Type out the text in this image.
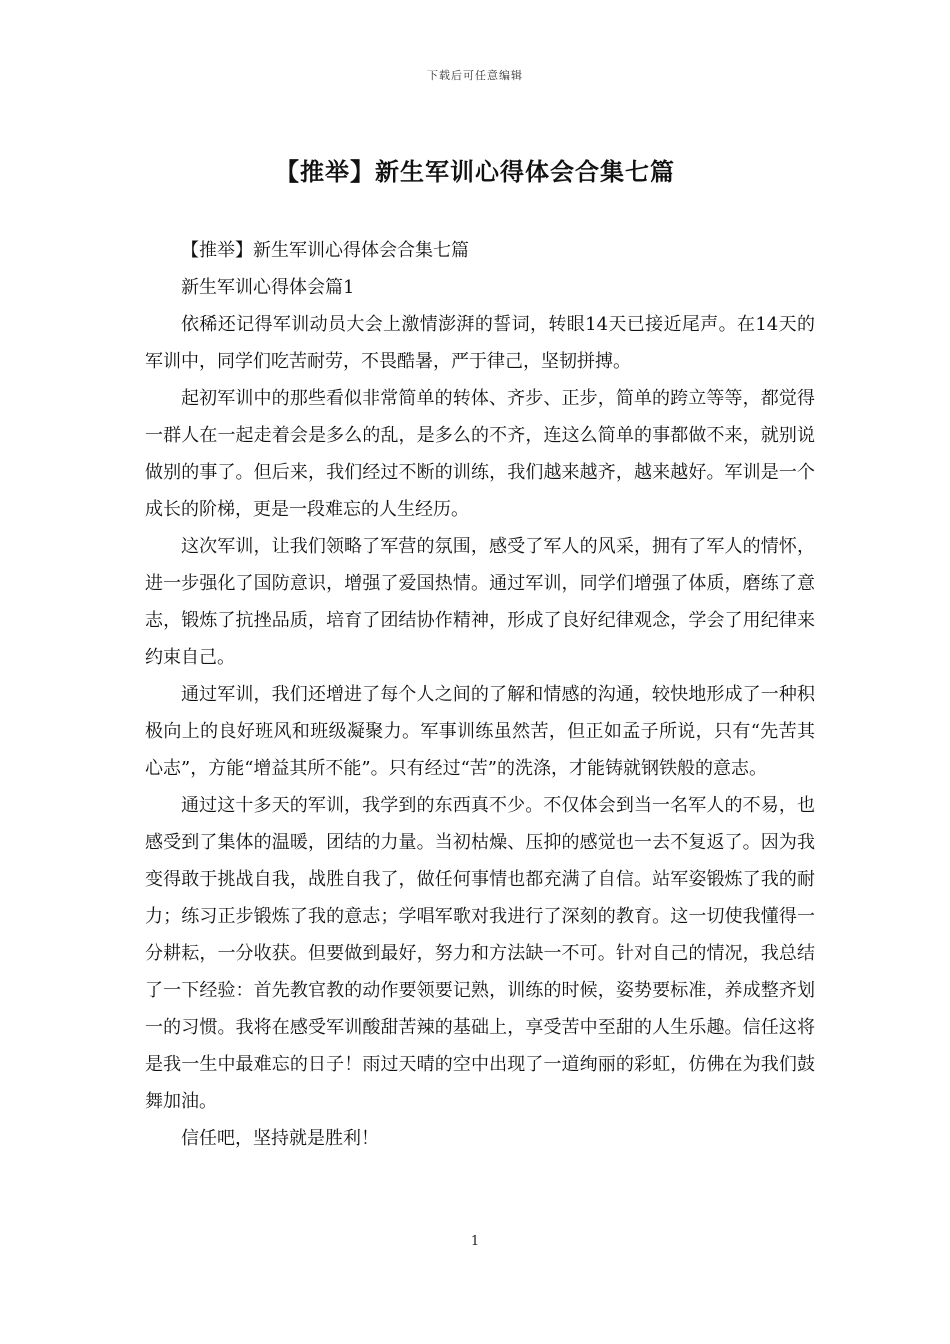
下载后可任意编辑
【推举】新生军训心得体会合集七篇

【推举】新生军训心得体会合集七篇

新生军训心得体会篇1

依稀还记得军训动员大会上激情澎湃的誓词，转眼14天已接近尾声。在14天的军训中，同学们吃苦耐劳，不畏酷暑，严于律己，坚韧拼搏。

起初军训中的那些看似非常简单的转体、齐步、正步，简单的跨立等等，都觉得一群人在一起走着会是多么的乱，是多么的不齐，连这么简单的事都做不来，就别说做别的事了。但后来，我们经过不断的训练，我们越来越齐，越来越好。军训是一个成长的阶梯，更是一段难忘的人生经历。

这次军训，让我们领略了军营的氛围，感受了军人的风采，拥有了军人的情怀，进一步强化了国防意识，增强了爱国热情。通过军训，同学们增强了体质，磨练了意志，锻炼了抗挫品质，培育了团结协作精神，形成了良好纪律观念，学会了用纪律来约束自己。

通过军训，我们还增进了每个人之间的了解和情感的沟通，较快地形成了一种积极向上的良好班风和班级凝聚力。军事训练虽然苦，但正如孟子所说，只有“先苦其心志”，方能“增益其所不能”。只有经过“苦”的洗涤，才能铸就钢铁般的意志。

通过这十多天的军训，我学到的东西真不少。不仅体会到当一名军人的不易，也感受到了集体的温暖，团结的力量。当初枯燥、压抑的感觉也一去不复返了。因为我变得敢于挑战自我，战胜自我了，做任何事情也都充满了自信。站军姿锻炼了我的耐力；练习正步锻炼了我的意志；学唱军歌对我进行了深刻的教育。这一切使我懂得一分耕耘，一分收获。但要做到最好，努力和方法缺一不可。针对自己的情况，我总结了一下经验：首先教官教的动作要领要记熟，训练的时候，姿势要标准，养成整齐划一的习惯。我将在感受军训酸甜苦辣的基础上，享受苦中至甜的人生乐趣。信任这将是我一生中最难忘的日子！雨过天晴的空中出现了一道绚丽的彩虹，仿佛在为我们鼓舞加油。

信任吧，坚持就是胜利！

1
